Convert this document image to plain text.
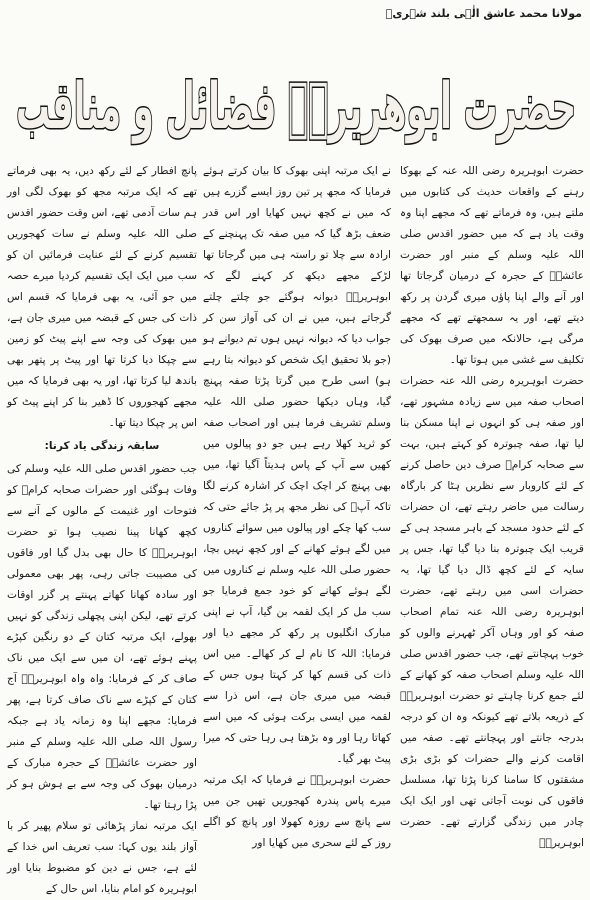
مولانا محمد عاشق الٰہی بلند شہریؒ
حضرت ابوھریرہؓ فضائل و مناقب

حضرت ابوہریرہ رضی اللہ عنہ کے بھوکا رہنے کے واقعات حدیث کی کتابوں میں ملتے ہیں، وہ فرماتے تھے کہ مجھے اپنا وہ وقت یاد ہے کہ میں حضور اقدس صلی اللہ علیہ وسلم کے منبر اور حضرت عائشہؓ کے حجرہ کے درمیان گرجاتا تھا اور آنے والے اپنا پاؤں میری گردن پر رکھ دیتے تھے، اور یہ سمجھتے تھے کہ مجھے مرگی ہے، حالانکہ میں صرف بھوک کی تکلیف سے غشی میں ہوتا تھا۔

حضرت ابوہریرہ رضی اللہ عنہ حضرات اصحاب صفہ میں سے زیادہ مشہور تھے، اور صفہ ہی کو انہوں نے اپنا مسکن بنا لیا تھا، صفہ چبوترہ کو کہتے ہیں، بہت سے صحابہ کرامؓ صرف دین حاصل کرنے کے لئے کاروبار سے نظریں ہٹا کر بارگاہ رسالت میں حاضر رہتے تھے، ان حضرات کے لئے حدود مسجد کے باہر مسجد ہی کے قریب ایک چبوترہ بنا دیا گیا تھا، جس پر سایہ کے لئے کچھ ڈال دیا گیا تھا، یہ حضرات اسی میں رہتے تھے، حضرت ابوہریرہ رضی اللہ عنہ تمام اصحاب صفہ کو اور وہاں آکر ٹھہرنے والوں کو خوب پہچانتے تھے، جب حضور اقدس صلی اللہ علیہ وسلم اصحاب صفہ کو کھانے کے لئے جمع کرنا چاہتے تو حضرت ابوہریرہؓ کے ذریعہ بلاتے تھے کیونکہ وہ ان کو درجہ بدرجہ جانتے اور پہچانتے تھے۔ صفہ میں اقامت کرنے والے حضرات کو بڑی بڑی مشقتوں کا سامنا کرنا پڑتا تھا، مسلسل فاقوں کی نوبت آجاتی تھی اور ایک ایک چادر میں زندگی گزارتے تھے۔ حضرت ابوہریرہؓ

نے ایک مرتبہ اپنی بھوک کا بیان کرتے ہوئے فرمایا کہ مجھ پر تین روز ایسے گزرے ہیں کہ میں نے کچھ نہیں کھایا اور اس قدر ضعف بڑھ گیا کہ میں صفہ تک پہنچنے کے ارادہ سے چلا تو راستہ ہی میں گرجاتا تھا لڑکے مجھے دیکھ کر کہنے لگے کہ ابوہریرہؓ دیوانہ ہوگئے جو چلتے چلتے گرجاتے ہیں، میں نے ان کی آواز سن کر جواب دیا کہ دیوانہ نہیں ہوں تم دیوانے ہو (جو بلا تحقیق ایک شخص کو دیوانہ بتا رہے ہو) اسی طرح میں گرتا پڑتا صفہ پہنچ گیا، وہاں دیکھا حضور صلی اللہ علیہ وسلم تشریف فرما ہیں اور اصحاب صفہ کو ثرید کھلا رہے ہیں جو دو پیالوں میں کھیں سے آپ کے پاس ہدیتاً آگیا تھا، میں بھی پہنچ کر اچک اچک کر اشارہ کرنے لگا تاکہ آپؐ کی نظر مجھ پر پڑ جائے حتی کہ سب کھا چکے اور پیالوں میں سوائے کناروں میں لگے ہوئے کھانے کے اور کچھ نہیں بچا، حضور صلی اللہ علیہ وسلم نے کناروں میں لگے ہوئے کھانے کو خود جمع فرمایا جو سب مل کر ایک لقمہ بن گیا، آپ نے اپنی مبارک انگلیوں پر رکھ کر مجھے دیا اور فرمایا: اللہ کا نام لے کر کھالے۔ میں اس ذات کی قسم کھا کر کہتا ہوں جس کے قبضہ میں میری جان ہے، اس ذرا سے لقمہ میں ایسی برکت ہوئی کہ میں اسے کھاتا رہا اور وہ بڑھتا ہی رہا حتی کہ میرا پیٹ بھر گیا۔

حضرت ابوہریرہؓ نے فرمایا کہ ایک مرتبہ میرے پاس پندرہ کھجوریں تھیں جن میں سے پانچ سے روزہ کھولا اور پانچ کو اگلے روز کے لئے سحری میں کھایا اور

پانچ افطار کے لئے رکھ دیں، یہ بھی فرماتے تھے کہ ایک مرتبہ مجھ کو بھوک لگی اور ہم سات آدمی تھے، اس وقت حضور اقدس صلی اللہ علیہ وسلم نے سات کھجوریں تقسیم کرنے کے لئے عنایت فرمائیں ان کو سب میں ایک ایک تقسیم کردیا میرے حصہ میں جو آئی، یہ بھی فرمایا کہ قسم اس ذات کی جس کے قبضہ میں میری جان ہے، میں بھوک کی وجہ سے اپنے پیٹ کو زمین سے چپکا دیا کرتا تھا اور پیٹ پر پتھر بھی باندھ لیا کرتا تھا، اور یہ بھی فرمایا کہ میں مجھے کھجوروں کا ڈھیر بنا کر اپنے پیٹ کو اس پر چپکا دیتا تھا۔

سابقہ زندگی یاد کرنا:

جب حضور اقدس صلی اللہ علیہ وسلم کی وفات ہوگئی اور حضرات صحابہ کرامؓ کو فتوحات اور غنیمت کے مالوں کے آنے سے کچھ کھانا پینا نصیب ہوا تو حضرت ابوہریرہؓ کا حال بھی بدل گیا اور فاقوں کی مصیبت جاتی رہی، پھر بھی معمولی اور سادہ کھانا کھاتے پہنتے پر گزر اوقات کرتے تھے، لیکن اپنی پچھلی زندگی کو نہیں بھولے، ایک مرتبہ کتان کے دو رنگین کپڑے پہنے ہوئے تھے، ان میں سے ایک میں ناک صاف کر کے فرمایا: واہ واہ ابوہریرہؓ آج کتان کے کپڑے سے ناک صاف کرتا ہے، پھر فرمایا: مجھے اپنا وہ زمانہ یاد ہے جبکہ رسول اللہ صلی اللہ علیہ وسلم کے منبر اور حضرت عائشہؓ کے حجرہ مبارک کے درمیان بھوک کی وجہ سے بے ہوش ہو کر پڑا رہتا تھا۔

ایک مرتبہ نماز پڑھائی تو سلام پھیر کر با آواز بلند یوں کہا: سب تعریف اس خدا کے لئے ہے، جس نے دین کو مضبوط بنایا اور ابوہریرہ کو امام بنایا، اس حال کے
